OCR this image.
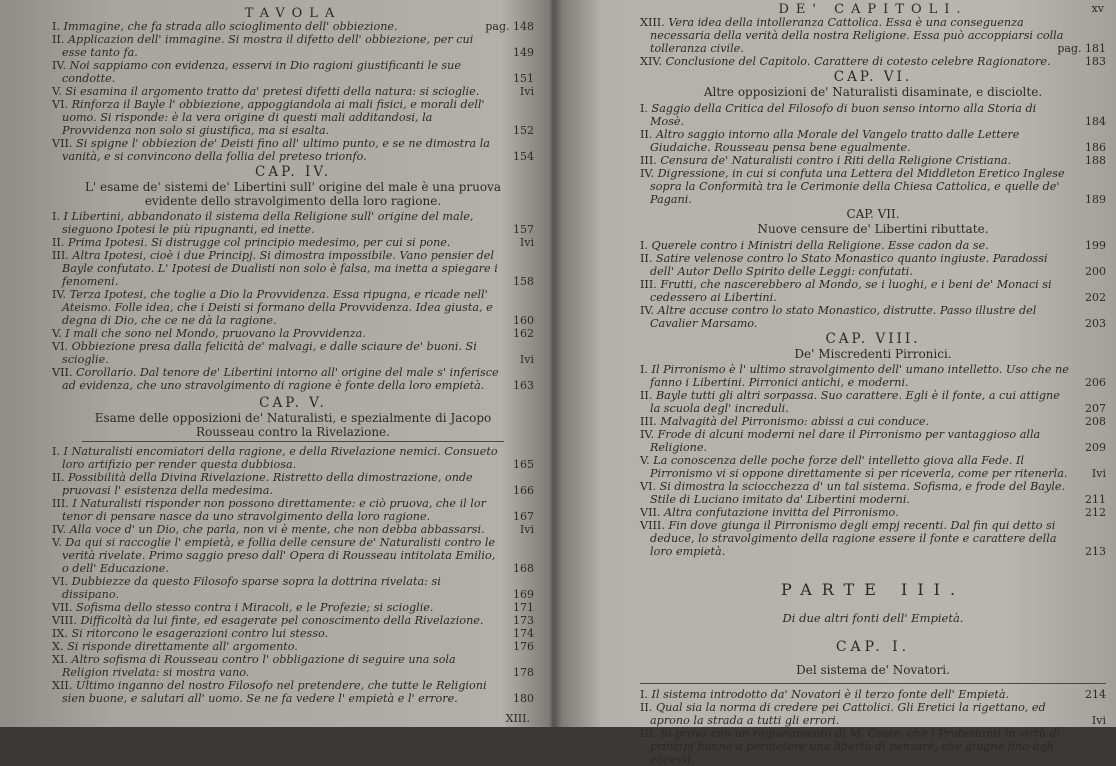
TAVOLA
I. Immagine, che fa strada allo scioglimento dell' obbiezione.	pag. 148
II. Applicazion dell' immagine. Si mostra il difetto dell' obbiezione, per cui esse tanto fa.	149
IV. Noi sappiamo con evidenza, esservi in Dio ragioni giustificanti le sue condotte.	151
V. Si esamina il argomento tratto da' pretesi difetti della natura: si scioglie.	Ivi
VI. Rinforza il Bayle l' obbiezione, appoggiandola ai mali fisici, e morali dell' uomo. Si risponde: è la vera origine di questi mali additandosi, la Provvidenza non solo si giustifica, ma si esalta.	152
VII. Si spigne l' obbiezion de' Deisti fino all' ultimo punto, e se ne dimostra la vanità, e si convincono della follia del preteso trionfo.	154
CAP. IV.
L' esame de' sistemi de' Libertini sull' origine del male è una pruova evidente dello stravolgimento della loro ragione.
I. I Libertini, abbandonato il sistema della Religione sull' origine del male, sieguono Ipotesi le più ripugnanti, ed inette.	157
II. Prima Ipotesi. Si distrugge col principio medesimo, per cui si pone.	Ivi
III. Altra Ipotesi, cioè i due Principj. Si dimostra impossibile. Vano pensier del Bayle confutato. L' Ipotesi de Dualisti non solo è falsa, ma inetta a spiegare i fenomeni.	158
IV. Terza Ipotesi, che toglie a Dio la Provvidenza. Essa ripugna, e ricade nell' Ateismo. Folle idea, che i Deisti si formano della Provvidenza. Idea giusta, e degna di Dio, che ce ne dà la ragione.	160
V. I mali che sono nel Mondo, pruovano la Provvidenza.	162
VI. Obbiezione presa dalla felicità de' malvagi, e dalle sciaure de' buoni. Si scioglie.	Ivi
VII. Corollario. Dal tenore de' Libertini intorno all' origine del male s' inferisce ad evidenza, che uno stravolgimento di ragione è fonte della loro empietà.	163
CAP. V.
Esame delle opposizioni de' Naturalisti, e spezialmente di Jacopo Rousseau contro la Rivelazione.
I. I Naturalisti encomiatori della ragione, e della Rivelazione nemici. Consueto loro artifizio per render questa dubbiosa.	165
II. Possibilità della Divina Rivelazione. Ristretto della dimostrazione, onde pruovasi l' esistenza della medesima.	166
III. I Naturalisti risponder non possono direttamente: e ciò pruova, che il lor tenor di pensare nasce da uno stravolgimento della loro ragione.	167
IV. Alla voce d' un Dio, che parla, non vi è mente, che non debba abbassarsi.	Ivi
V. Da qui si raccoglie l' empietà, e follia delle censure de' Naturalisti contro le verità rivelate. Primo saggio preso dall' Opera di Rousseau intitolata Emilio, o dell' Educazione.	168
VI. Dubbiezze da questo Filosofo sparse sopra la dottrina rivelata: si dissipano.	169
VII. Sofisma dello stesso contra i Miracoli, e le Profezie; si scioglie.	171
VIII. Difficoltà da lui finte, ed esagerate pel conoscimento della Rivelazione.	173
IX. Si ritorcono le esagerazioni contro lui stesso.	174
X. Si risponde direttamente all' argomento.	176
XI. Altro sofisma di Rousseau contro l' obbligazione di seguire una sola Religion rivelata: si mostra vano.	178
XII. Ultimo inganno del nostro Filosofo nel pretendere, che tutte le Religioni sien buone, e salutari all' uomo. Se ne fa vedere l' empietà e l' errore.	180
XIII.
DE' CAPITOLI.	xv
XIII. Vera idea della intolleranza Cattolica. Essa è una conseguenza necessaria della verità della nostra Religione. Essa può accoppiarsi colla tolleranza civile.	pag. 181
XIV. Conclusione del Capitolo. Carattere di cotesto celebre Ragionatore.	183
CAP. VI.
Altre opposizioni de' Naturalisti disaminate, e disciolte.
I. Saggio della Critica del Filosofo di buon senso intorno alla Storia di Mosè.	184
II. Altro saggio intorno alla Morale del Vangelo tratto dalle Lettere Giudaiche. Rousseau pensa bene egualmente.	186
III. Censura de' Naturalisti contro i Riti della Religione Cristiana.	188
IV. Digressione, in cui si confuta una Lettera del Middleton Eretico Inglese sopra la Conformità tra le Cerimonie della Chiesa Cattolica, e quelle de' Pagani.	189
CAP. VII.
Nuove censure de' Libertini ributtate.
I. Querele contro i Ministri della Religione. Esse cadon da se.	199
II. Satire velenose contro lo Stato Monastico quanto ingiuste. Paradossi dell' Autor Dello Spirito delle Leggi: confutati.	200
III. Frutti, che nascerebbero al Mondo, se i luoghi, e i beni de' Monaci si cedessero ai Libertini.	202
IV. Altre accuse contro lo stato Monastico, distrutte. Passo illustre del Cavalier Marsamo.	203
CAP. VIII.
De' Miscredenti Pirronici.
I. Il Pirronismo è l' ultimo stravolgimento dell' umano intelletto. Uso che ne fanno i Libertini. Pirronici antichi, e moderni.	206
II. Bayle tutti gli altri sorpassa. Suo carattere. Egli è il fonte, a cui attigne la scuola degl' increduli.	207
III. Malvagità del Pirronismo: abissi a cui conduce.	208
IV. Frode di alcuni moderni nel dare il Pirronismo per vantaggioso alla Religione.	209
V. La conoscenza delle poche forze dell' intelletto giova alla Fede. Il Pirronismo vi si oppone direttamente sì per riceverla, come per ritenerla. Ivi
VI. Si dimostra la sciocchezza d' un tal sistema. Sofisma, e frode del Bayle. Stile di Luciano imitato da' Libertini moderni.	211
VII. Altra confutazione invitta del Pirronismo.	212
VIII. Fin dove giunga il Pirronismo degli empj recenti. Dal fin qui detto si deduce, lo stravolgimento della ragione essere il fonte e carattere della loro empietà.	213
PARTE III.
Di due altri fonti dell' Empietà.
CAP. I.
Del sistema de' Novatori.
I. Il sistema introdotto da' Novatori è il terzo fonte dell' Empietà.	214
II. Qual sia la norma di credere pei Cattolici. Gli Eretici la rigettano, ed aprono la strada a tutti gli errori.	Ivi
III. Si prova con un ragionamento di M. Coste, che i Protestanti in virtù di principj hanno a permetere una libertà di pensare, che giugne fino agli eccessi.
